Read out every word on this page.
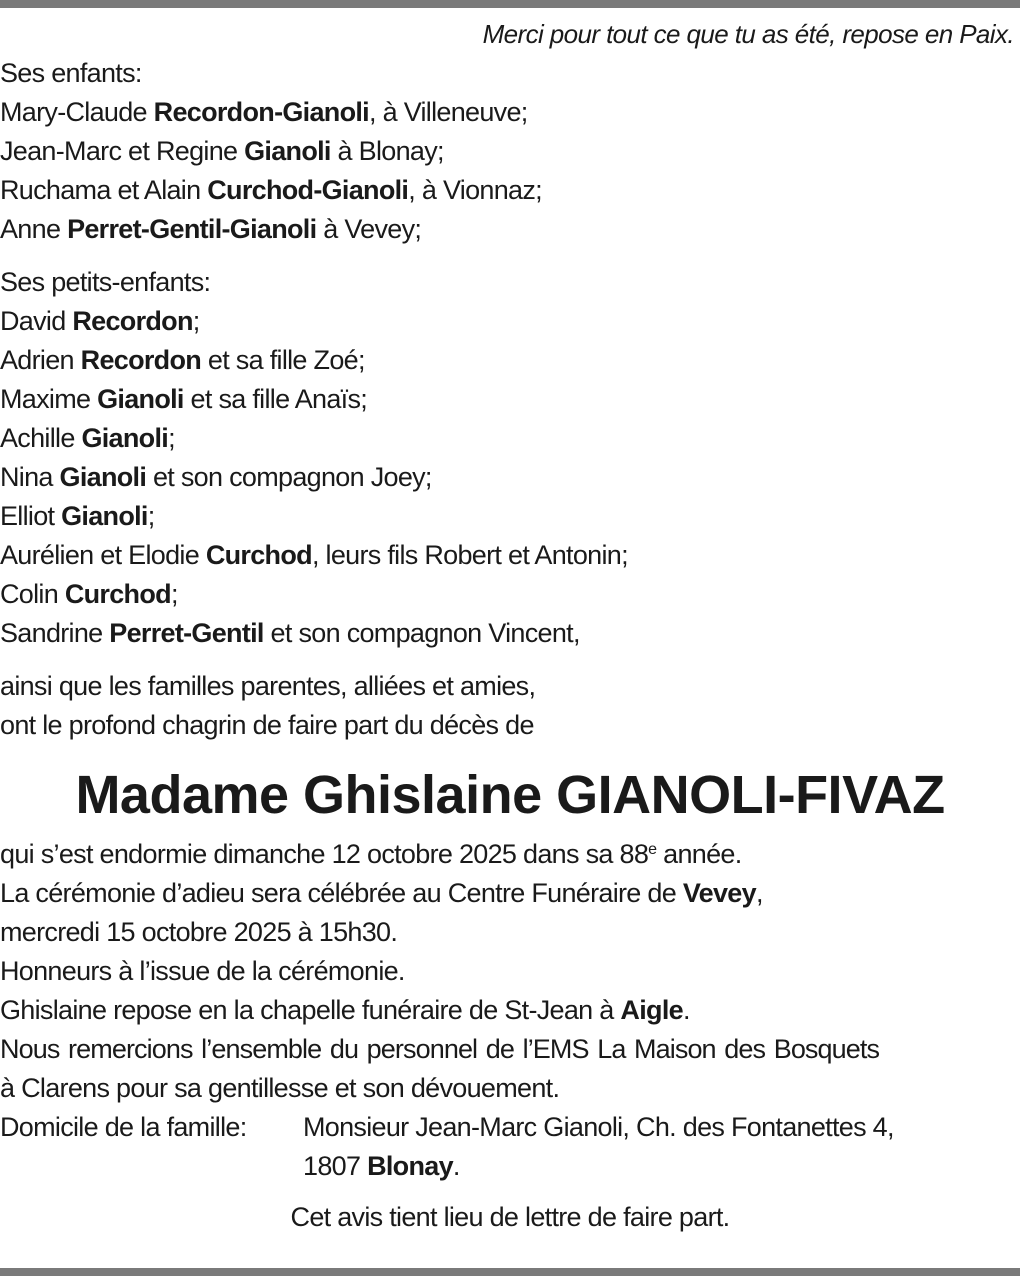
Merci pour tout ce que tu as été, repose en Paix.
Ses enfants:
Mary-Claude Recordon-Gianoli, à Villeneuve;
Jean-Marc et Regine Gianoli à Blonay;
Ruchama et Alain Curchod-Gianoli, à Vionnaz;
Anne Perret-Gentil-Gianoli à Vevey;
Ses petits-enfants:
David Recordon;
Adrien Recordon et sa fille Zoé;
Maxime Gianoli et sa fille Anaïs;
Achille Gianoli;
Nina Gianoli et son compagnon Joey;
Elliot Gianoli;
Aurélien et Elodie Curchod, leurs fils Robert et Antonin;
Colin Curchod;
Sandrine Perret-Gentil et son compagnon Vincent,
ainsi que les familles parentes, alliées et amies,
ont le profond chagrin de faire part du décès de
Madame Ghislaine GIANOLI-FIVAZ
qui s’est endormie dimanche 12 octobre 2025 dans sa 88e année.
La cérémonie d’adieu sera célébrée au Centre Funéraire de Vevey,
mercredi 15 octobre 2025 à 15h30.
Honneurs à l’issue de la cérémonie.
Ghislaine repose en la chapelle funéraire de St-Jean à Aigle.
Nous remercions l’ensemble du personnel de l’EMS La Maison des Bosquets
à Clarens pour sa gentillesse et son dévouement.
Domicile de la famille:	Monsieur Jean-Marc Gianoli, Ch. des Fontanettes 4,
1807 Blonay.
Cet avis tient lieu de lettre de faire part.
